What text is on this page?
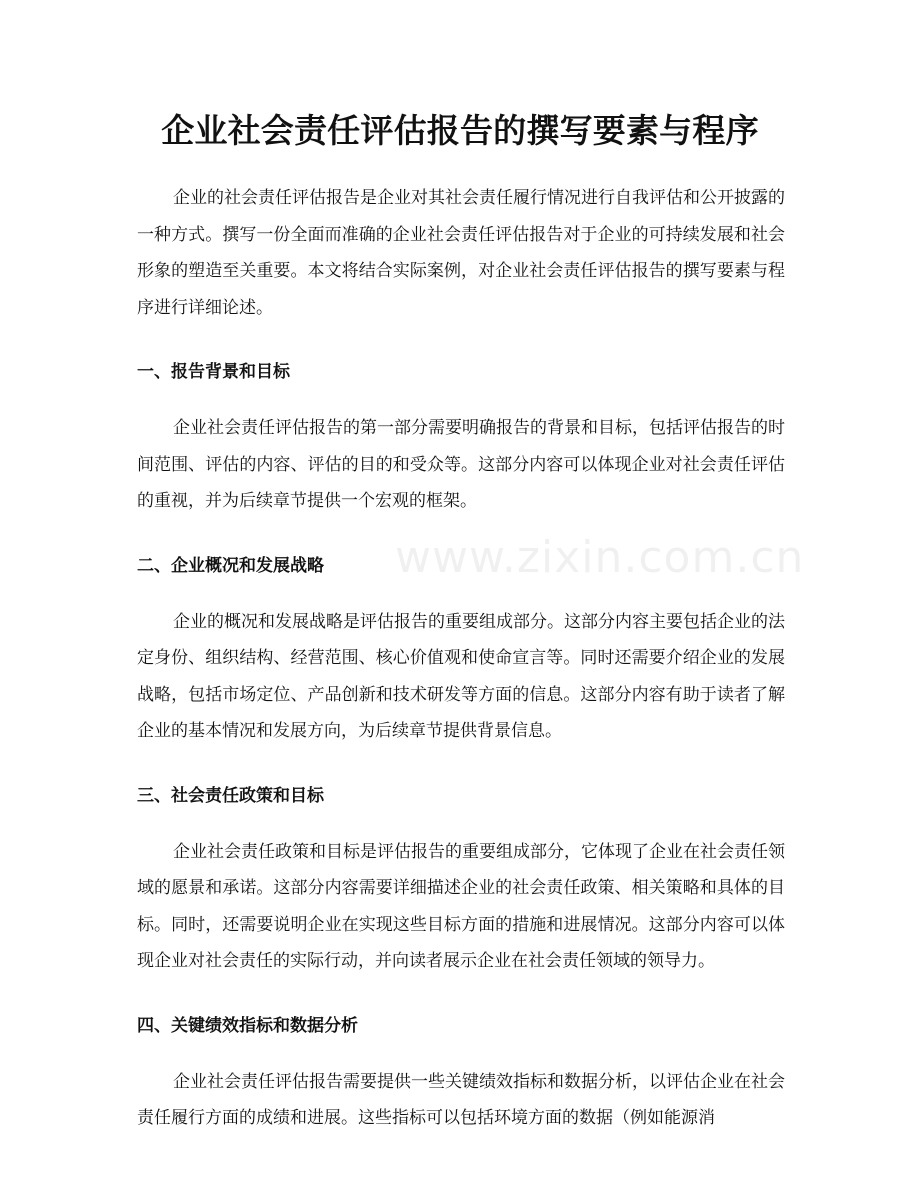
企业社会责任评估报告的撰写要素与程序
www.zixin.com.cn

企业的社会责任评估报告是企业对其社会责任履行情况进行自我评估和公开披露的一种方式。撰写一份全面而准确的企业社会责任评估报告对于企业的可持续发展和社会形象的塑造至关重要。本文将结合实际案例，对企业社会责任评估报告的撰写要素与程序进行详细论述。

一、报告背景和目标

企业社会责任评估报告的第一部分需要明确报告的背景和目标，包括评估报告的时间范围、评估的内容、评估的目的和受众等。这部分内容可以体现企业对社会责任评估的重视，并为后续章节提供一个宏观的框架。

二、企业概况和发展战略

企业的概况和发展战略是评估报告的重要组成部分。这部分内容主要包括企业的法定身份、组织结构、经营范围、核心价值观和使命宣言等。同时还需要介绍企业的发展战略，包括市场定位、产品创新和技术研发等方面的信息。这部分内容有助于读者了解企业的基本情况和发展方向，为后续章节提供背景信息。

三、社会责任政策和目标

企业社会责任政策和目标是评估报告的重要组成部分，它体现了企业在社会责任领域的愿景和承诺。这部分内容需要详细描述企业的社会责任政策、相关策略和具体的目标。同时，还需要说明企业在实现这些目标方面的措施和进展情况。这部分内容可以体现企业对社会责任的实际行动，并向读者展示企业在社会责任领域的领导力。

四、关键绩效指标和数据分析

企业社会责任评估报告需要提供一些关键绩效指标和数据分析，以评估企业在社会责任履行方面的成绩和进展。这些指标可以包括环境方面的数据（例如能源消
